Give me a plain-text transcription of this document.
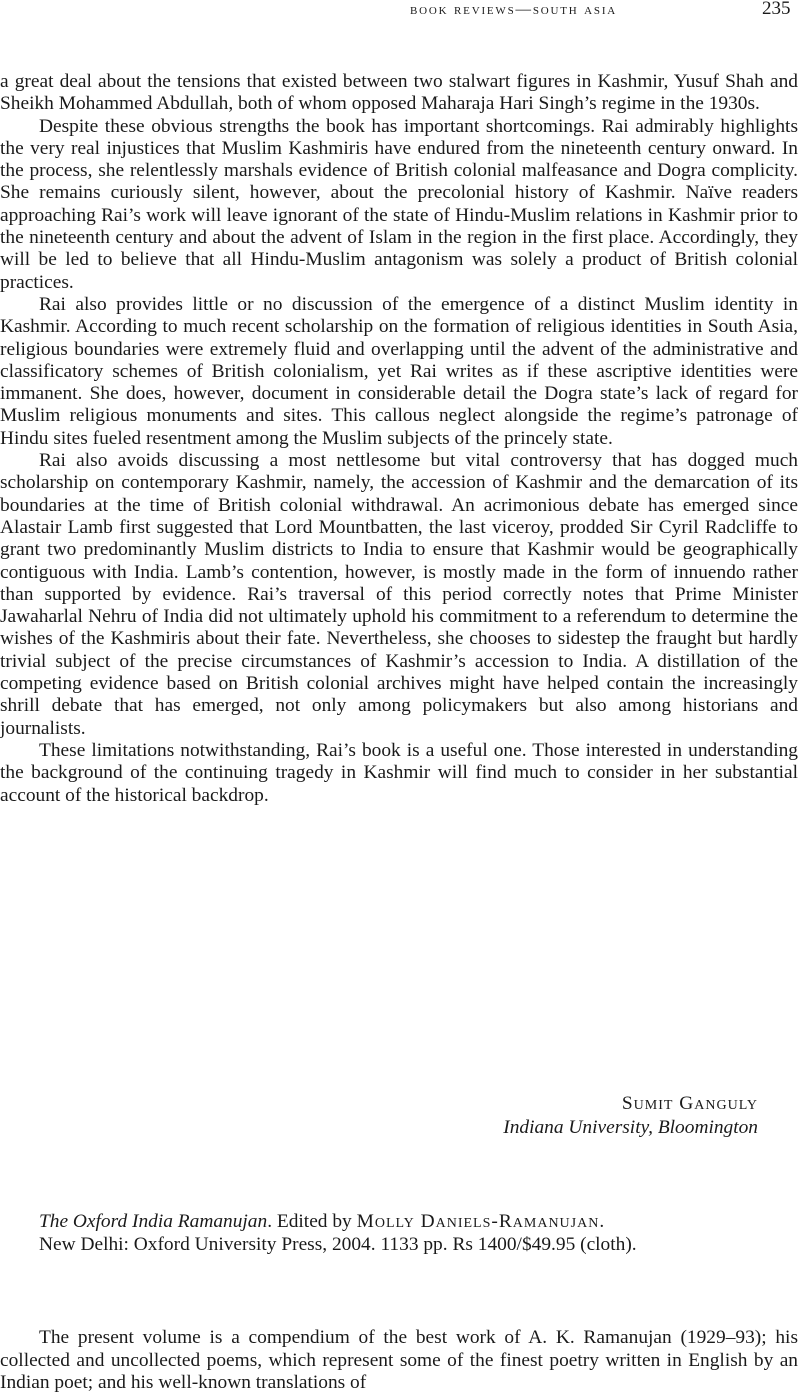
book reviews—south asia	235

a great deal about the tensions that existed between two stalwart figures in Kashmir, Yusuf Shah and Sheikh Mohammed Abdullah, both of whom opposed Maharaja Hari Singh’s regime in the 1930s.

Despite these obvious strengths the book has important shortcomings. Rai admirably highlights the very real injustices that Muslim Kashmiris have endured from the nineteenth century onward. In the process, she relentlessly marshals evidence of British colonial malfeasance and Dogra complicity. She remains curiously silent, however, about the precolonial history of Kashmir. Naïve readers approaching Rai’s work will leave ignorant of the state of Hindu-Muslim relations in Kashmir prior to the nineteenth century and about the advent of Islam in the region in the first place. Accordingly, they will be led to believe that all Hindu-Muslim antagonism was solely a product of British colonial practices.

Rai also provides little or no discussion of the emergence of a distinct Muslim identity in Kashmir. According to much recent scholarship on the formation of religious identities in South Asia, religious boundaries were extremely fluid and overlapping until the advent of the administrative and classificatory schemes of British colonialism, yet Rai writes as if these ascriptive identities were immanent. She does, however, document in considerable detail the Dogra state’s lack of regard for Muslim religious monuments and sites. This callous neglect alongside the regime’s patronage of Hindu sites fueled resentment among the Muslim subjects of the princely state.

Rai also avoids discussing a most nettlesome but vital controversy that has dogged much scholarship on contemporary Kashmir, namely, the accession of Kashmir and the demarcation of its boundaries at the time of British colonial withdrawal. An acrimonious debate has emerged since Alastair Lamb first suggested that Lord Mountbatten, the last viceroy, prodded Sir Cyril Radcliffe to grant two predominantly Muslim districts to India to ensure that Kashmir would be geographically contiguous with India. Lamb’s contention, however, is mostly made in the form of innuendo rather than supported by evidence. Rai’s traversal of this period correctly notes that Prime Minister Jawaharlal Nehru of India did not ultimately uphold his commitment to a referendum to determine the wishes of the Kashmiris about their fate. Nevertheless, she chooses to sidestep the fraught but hardly trivial subject of the precise circumstances of Kashmir’s accession to India. A distillation of the competing evidence based on British colonial archives might have helped contain the increasingly shrill debate that has emerged, not only among policymakers but also among historians and journalists.

These limitations notwithstanding, Rai’s book is a useful one. Those interested in understanding the background of the continuing tragedy in Kashmir will find much to consider in her substantial account of the historical backdrop.

Sumit Ganguly
Indiana University, Bloomington
The Oxford India Ramanujan. Edited by Molly Daniels-Ramanujan.
New Delhi: Oxford University Press, 2004. 1133 pp. Rs 1400/$49.95 (cloth).

The present volume is a compendium of the best work of A. K. Ramanujan (1929–93); his collected and uncollected poems, which represent some of the finest poetry written in English by an Indian poet; and his well-known translations of
